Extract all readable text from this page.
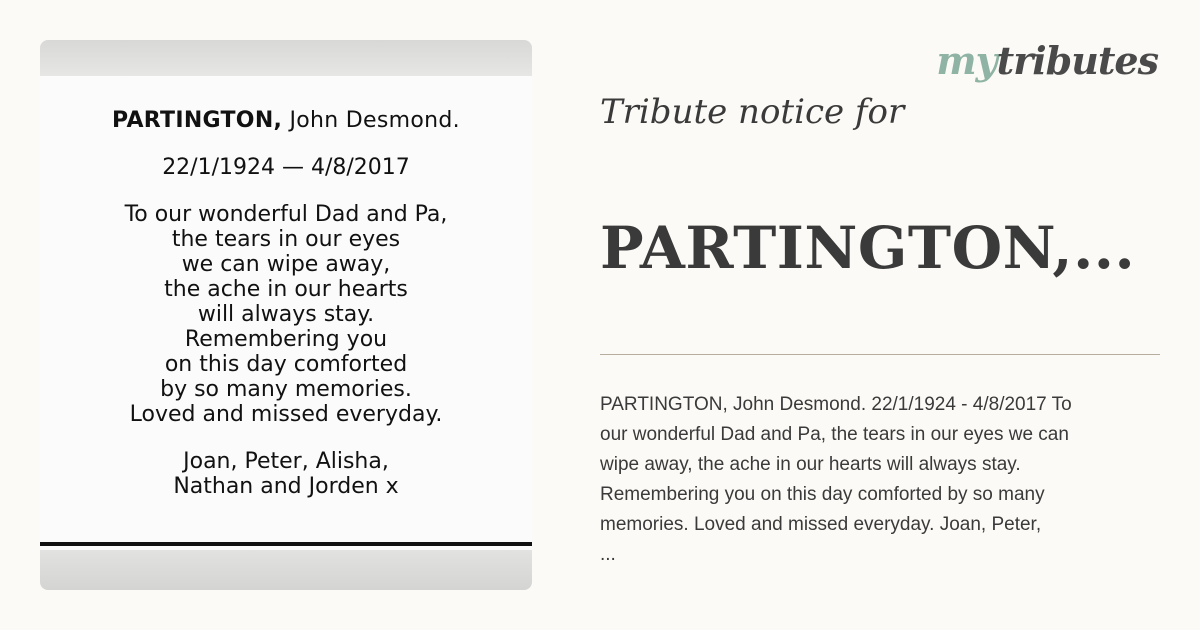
PARTINGTON, John Desmond.
22/1/1924 — 4/8/2017
To our wonderful Dad and Pa,
the tears in our eyes
we can wipe away,
the ache in our hearts
will always stay.
Remembering you
on this day comforted
by so many memories.
Loved and missed everyday.
Joan, Peter, Alisha,
Nathan and Jorden x
mytributes
Tribute notice for
PARTINGTON,...
PARTINGTON, John Desmond. 22/1/1924 - 4/8/2017 To
our wonderful Dad and Pa, the tears in our eyes we can
wipe away, the ache in our hearts will always stay.
Remembering you on this day comforted by so many
memories. Loved and missed everyday. Joan, Peter,
...
